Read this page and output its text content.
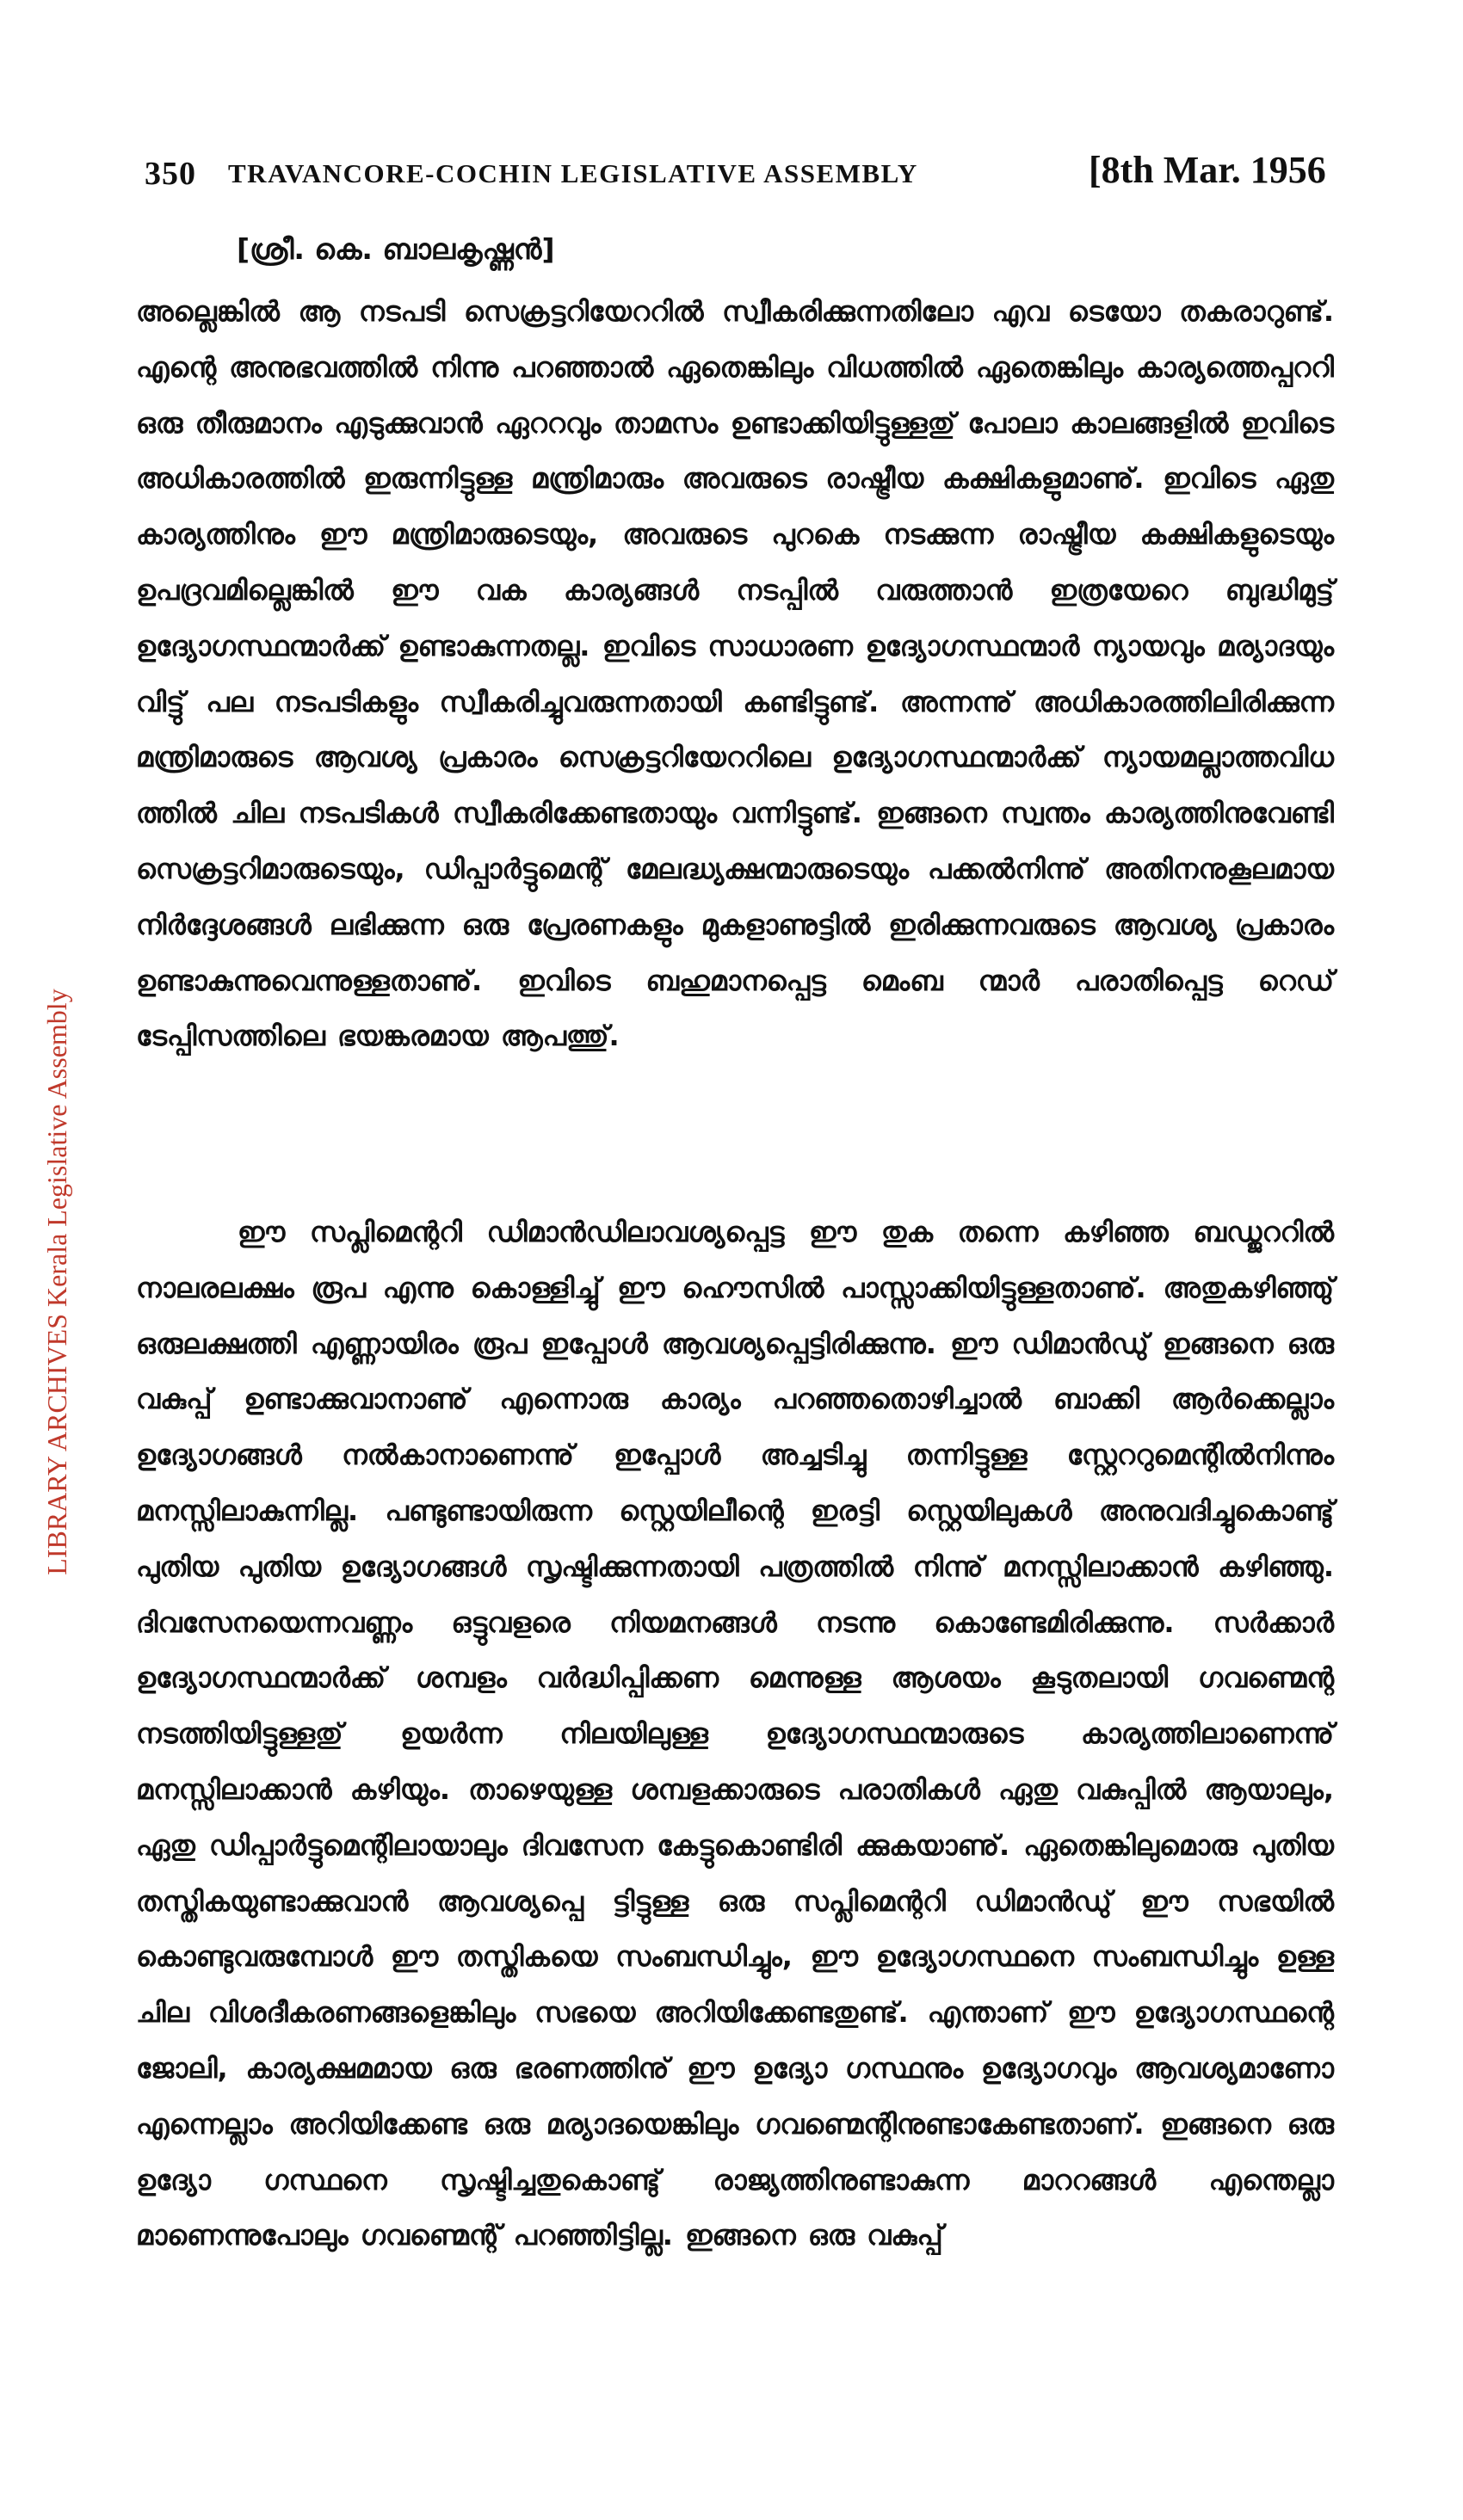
350 TRAVANCORE-COCHIN LEGISLATIVE ASSEMBLY	[8th Mar. 1956
[ശ്രീ. കെ. ബാലകൃഷ്ണൻ]
അല്ലെങ്കിൽ ആ നടപടി സെക്രട്ടറിയേററിൽ സ്വീകരിക്കുന്നതിലോ എവ ടെയോ തകരാറുണ്ട്. എന്റെ അനുഭവത്തിൽ നിന്നു പറഞ്ഞാൽ ഏതെങ്കിലും വിധത്തിൽ ഏതെങ്കിലും കാര്യത്തെപ്പററി ഒരു തീരുമാനം എടുക്കുവാൻ ഏററവും താമസം ഉണ്ടാക്കിയിട്ടുള്ളതു് പോലാ കാലങ്ങളിൽ ഇവിടെ അധികാരത്തിൽ ഇരുന്നിട്ടുള്ള മന്ത്രിമാരും അവരുടെ രാഷ്ട്രീയ കക്ഷികളുമാണു്. ഇവിടെ ഏതു കാര്യത്തിനും ഈ മന്ത്രിമാരുടെയും, അവരുടെ പുറകെ നടക്കുന്ന രാഷ്ട്രീയ കക്ഷികളുടെയും ഉപദ്രവമില്ലെങ്കിൽ ഈ വക കാര്യങ്ങൾ നടപ്പിൽ വരുത്താൻ ഇത്രയേറെ ബുദ്ധിമുട്ട് ഉദ്യോഗസ്ഥന്മാർക്ക് ഉണ്ടാകുന്നതല്ല. ഇവിടെ സാധാരണ ഉദ്യോഗസ്ഥന്മാർ ന്യായവും മര്യാദയും വിട്ടു് പല നടപടികളും സ്വീകരിച്ചുവരുന്നതായി കണ്ടിട്ടുണ്ട്. അന്നന്നു് അധികാരത്തിലിരിക്കുന്ന മന്ത്രിമാരുടെ ആവശ്യ പ്രകാരം സെക്രട്ടറിയേററിലെ ഉദ്യോഗസ്ഥന്മാർക്ക് ന്യായമല്ലാത്തവിധ ത്തിൽ ചില നടപടികൾ സ്വീകരിക്കേണ്ടതായും വന്നിട്ടുണ്ട്. ഇങ്ങനെ സ്വന്തം കാര്യത്തിനുവേണ്ടി സെക്രട്ടറിമാരുടെയും, ഡിപ്പാർട്ടുമെന്റ് മേലദ്ധ്യക്ഷന്മാരുടെയും പക്കൽനിന്നു് അതിനനുകൂലമായ നിർദ്ദേശങ്ങൾ ലഭിക്കുന്ന ഒരു പ്രേരണകളും മുകളാണുട്ടിൽ ഇരിക്കുന്നവരുടെ ആവശ്യ പ്രകാരം ഉണ്ടാകുന്നുവെന്നുള്ളതാണു്. ഇവിടെ ബഹുമാനപ്പെട്ട മെംബ ന്മാർ പരാതിപ്പെട്ട റെഡ് ടേപ്പിസത്തിലെ ഭയങ്കരമായ ആപത്തു്.
ഈ സപ്ലിമെന്ററി ഡിമാൻഡിലാവശ്യപ്പെട്ട ഈ തുക തന്നെ കഴിഞ്ഞ ബഡ്ജററിൽ നാലരലക്ഷം രൂപ എന്നു കൊള്ളിച്ചു് ഈ ഹൌസിൽ പാസ്സാക്കിയിട്ടുള്ളതാണു്. അതുകഴിഞ്ഞു് ഒരുലക്ഷത്തി എണ്ണായിരം രൂപ ഇപ്പോൾ ആവശ്യപ്പെട്ടിരിക്കുന്നു. ഈ ഡിമാൻഡു് ഇങ്ങനെ ഒരു വകുപ്പ് ഉണ്ടാക്കുവാനാണു് എന്നൊരു കാര്യം പറഞ്ഞതൊഴിച്ചാൽ ബാക്കി ആർക്കെല്ലാം ഉദ്യോഗങ്ങൾ നൽകാനാണെന്നു് ഇപ്പോൾ അച്ചടിച്ചു തന്നിട്ടുള്ള സ്റ്റേററുമെന്റിൽനിന്നും മനസ്സിലാകുന്നില്ല. പണ്ടുണ്ടായിരുന്ന സ്റ്റെയിലീന്റെ ഇരട്ടി സ്റ്റെയിലുകൾ അനുവദിച്ചുകൊണ്ടു് പുതിയ പുതിയ ഉദ്യോഗങ്ങൾ സൃഷ്ടിക്കുന്നതായി പത്രത്തിൽ നിന്നു് മനസ്സിലാക്കാൻ കഴിഞ്ഞു. ദിവസേനയെന്നവണ്ണം ഒട്ടുവളരെ നിയമനങ്ങൾ നടന്നു കൊണ്ടേമിരിക്കുന്നു. സർക്കാർ ഉദ്യോഗസ്ഥന്മാർക്ക് ശമ്പളം വർദ്ധിപ്പിക്കണ മെന്നുള്ള ആശയം കൂടുതലായി ഗവണ്മെന്റ നടത്തിയിട്ടുള്ളതു് ഉയർന്ന നിലയിലുള്ള ഉദ്യോഗസ്ഥന്മാരുടെ കാര്യത്തിലാണെന്നു് മനസ്സിലാക്കാൻ കഴിയും. താഴെയുള്ള ശമ്പളക്കാരുടെ പരാതികൾ ഏതു വകുപ്പിൽ ആയാലും, ഏതു ഡിപ്പാർട്ടുമെന്റിലായാലും ദിവസേന കേട്ടുകൊണ്ടിരി ക്കുകയാണു്. ഏതെങ്കിലുമൊരു പുതിയ തസ്തികയുണ്ടാക്കുവാൻ ആവശ്യപ്പെ ട്ടിട്ടുള്ള ഒരു സപ്ലിമെന്ററി ഡിമാൻഡു് ഈ സഭയിൽ കൊണ്ടുവരുമ്പോൾ ഈ തസ്തികയെ സംബന്ധിച്ചും, ഈ ഉദ്യോഗസ്ഥനെ സംബന്ധിച്ചും ഉള്ള ചില വിശദീകരണങ്ങളെങ്കിലും സഭയെ അറിയിക്കേണ്ടതുണ്ട്. എന്താണ് ഈ ഉദ്യോഗസ്ഥന്റെ ജോലി, കാര്യക്ഷമമായ ഒരു ഭരണത്തിനു് ഈ ഉദ്യോ ഗസ്ഥനും ഉദ്യോഗവും ആവശ്യമാണോ എന്നെല്ലാം അറിയിക്കേണ്ട ഒരു മര്യാദയെങ്കിലും ഗവണ്മെന്റിനുണ്ടാകേണ്ടതാണ്. ഇങ്ങനെ ഒരു ഉദ്യോ ഗസ്ഥനെ സൃഷ്ടിച്ചതുകൊണ്ടു് രാജ്യത്തിനുണ്ടാകുന്ന മാററങ്ങൾ എന്തെല്ലാ മാണെന്നുപോലും ഗവണ്മെന്റ് പറഞ്ഞിട്ടില്ല. ഇങ്ങനെ ഒരു വകുപ്പ്
LIBRARY ARCHIVES Kerala Legislative Assembly
